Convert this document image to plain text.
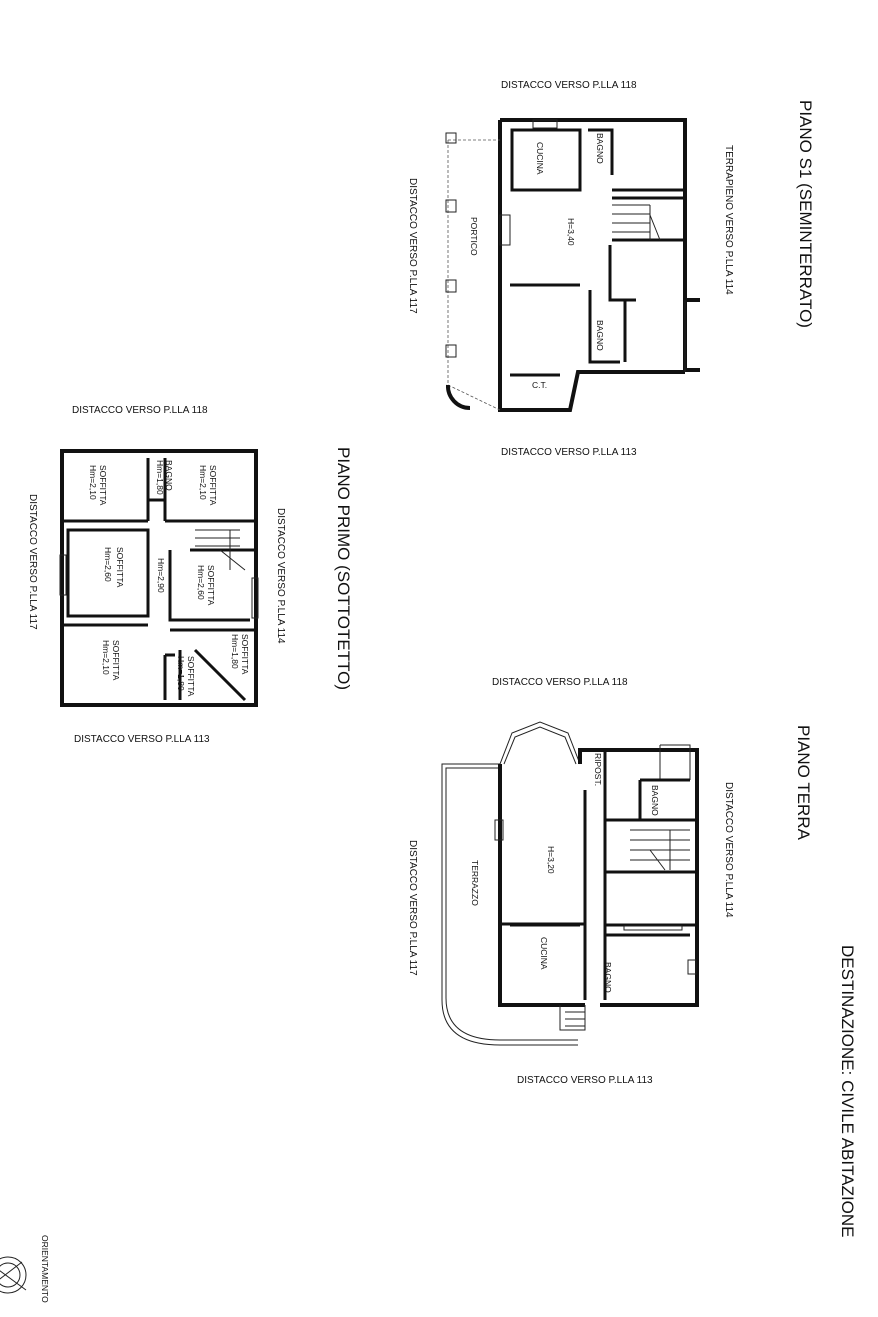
DESTINAZIONE: CIVILE ABITAZIONE
ORIENTAMENTO
PIANO S1 (SEMINTERRATO)
DISTACCO VERSO P.LLA 118
DISTACCO VERSO P.LLA 113
DISTACCO VERSO P.LLA 117	TERRAPIENO VERSO P.LLA 114
CUCINA	BAGNO
PORTICO	H=3,40
BAGNO
C.T.
PIANO PRIMO (SOTTOTETTO)
DISTACCO VERSO P.LLA 118
DISTACCO VERSO P.LLA 113
DISTACCO VERSO P.LLA 117	DISTACCO VERSO P.LLA 114
SOFFITTA
Hm=2,10	BAGNO
Hm=1,80	SOFFITTA
Hm=2,10
SOFFITTA
Hm=2,60	Hm=2,90	SOFFITTA
Hm=2,60
SOFFITTA
Hm=2,10	SOFFITTA
Hm=1,80
SOFFITTA
Hm=1,80
PIANO TERRA
DISTACCO VERSO P.LLA 118
DISTACCO VERSO P.LLA 113
DISTACCO VERSO P.LLA 117	DISTACCO VERSO P.LLA 114
RIPOST.
BAGNO
TERRAZZO
H=3,20
CUCINA
BAGNO
